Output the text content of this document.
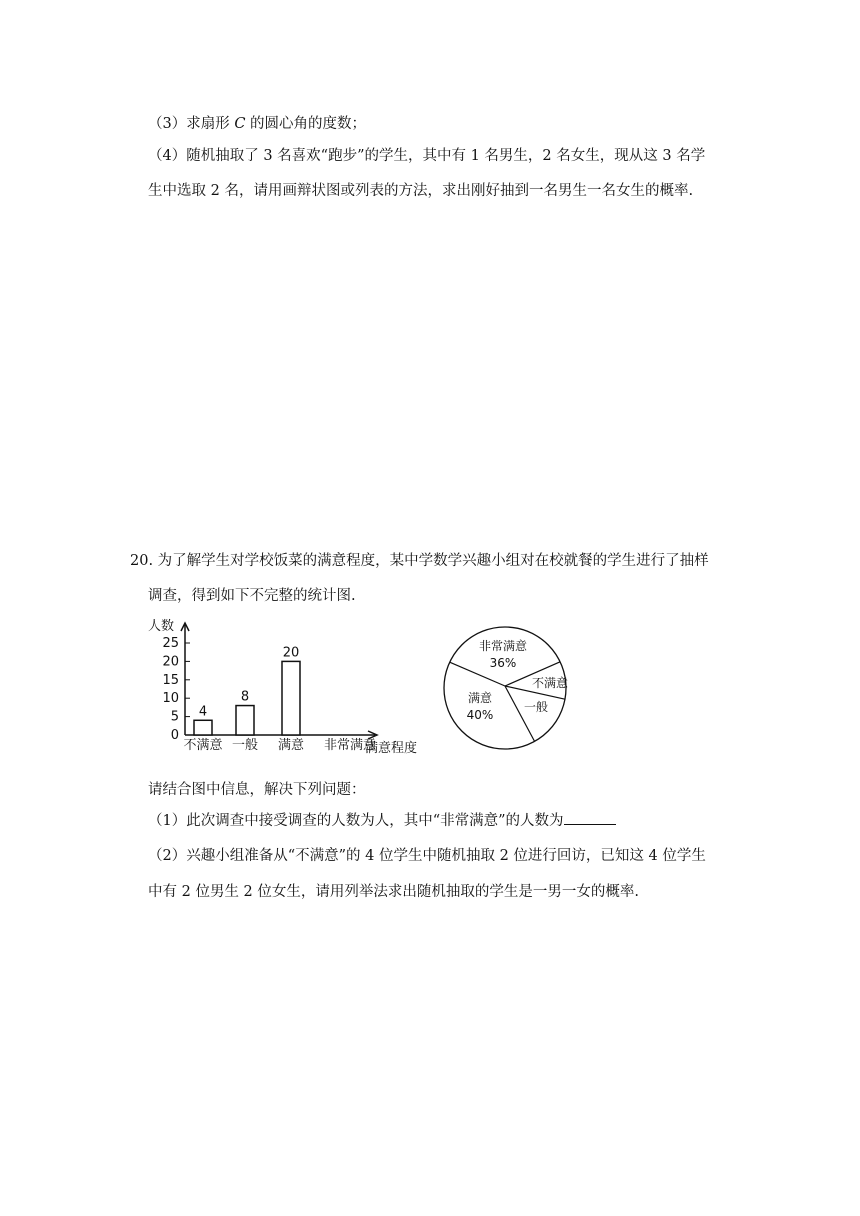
（3）求扇形 C 的圆心角的度数；
（4）随机抽取了 3 名喜欢“跑步”的学生，其中有 1 名男生，2 名女生，现从这 3 名学
生中选取 2 名，请用画辩状图或列表的方法，求出刚好抽到一名男生一名女生的概率.
20. 为了解学生对学校饭菜的满意程度，某中学数学兴趣小组对在校就餐的学生进行了抽样
调查，得到如下不完整的统计图.
人数
满意程度
0
5
10
15
20
25
4
8
20
不满意 一般 满意 非常满意
非常满意
36%
不满意
一般
满意
40%
请结合图中信息，解决下列问题：
（1）此次调查中接受调查的人数为人，其中“非常满意”的人数为
（2）兴趣小组准备从“不满意”的 4 位学生中随机抽取 2 位进行回访，已知这 4 位学生
中有 2 位男生 2 位女生，请用列举法求出随机抽取的学生是一男一女的概率.
